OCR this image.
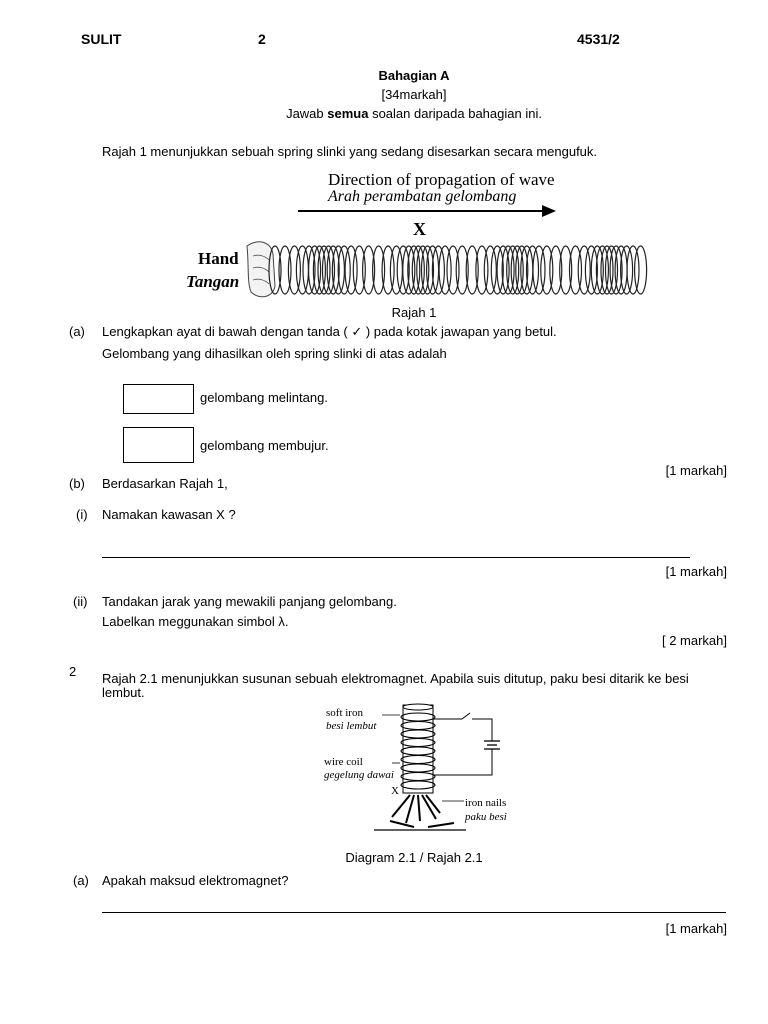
SULIT	2	4531/2
Bahagian A
[34markah]
Jawab semua soalan daripada bahagian ini.
Rajah 1 menunjukkan sebuah spring slinki yang sedang disesarkan secara mengufuk.
Direction of propagation of wave
Arah perambatan gelombang
X
Hand
Tangan
Rajah 1
(a) Lengkapkan ayat di bawah dengan tanda ( ✓ ) pada kotak jawapan yang betul.
Gelombang yang dihasilkan oleh spring slinki di atas adalah
gelombang melintang.
gelombang membujur.
[1 markah]
(b) Berdasarkan Rajah 1,
(i) Namakan kawasan X ?
[1 markah]
(ii) Tandakan jarak yang mewakili panjang gelombang.
Labelkan meggunakan simbol λ.
[ 2 markah]
2 Rajah 2.1 menunjukkan susunan sebuah elektromagnet. Apabila suis ditutup, paku besi ditarik ke besi
lembut.
soft iron
besi lembut
wire coil
gegelung dawai
X
iron nails
paku besi
Diagram 2.1 / Rajah 2.1
(a) Apakah maksud elektromagnet?
[1 markah]
